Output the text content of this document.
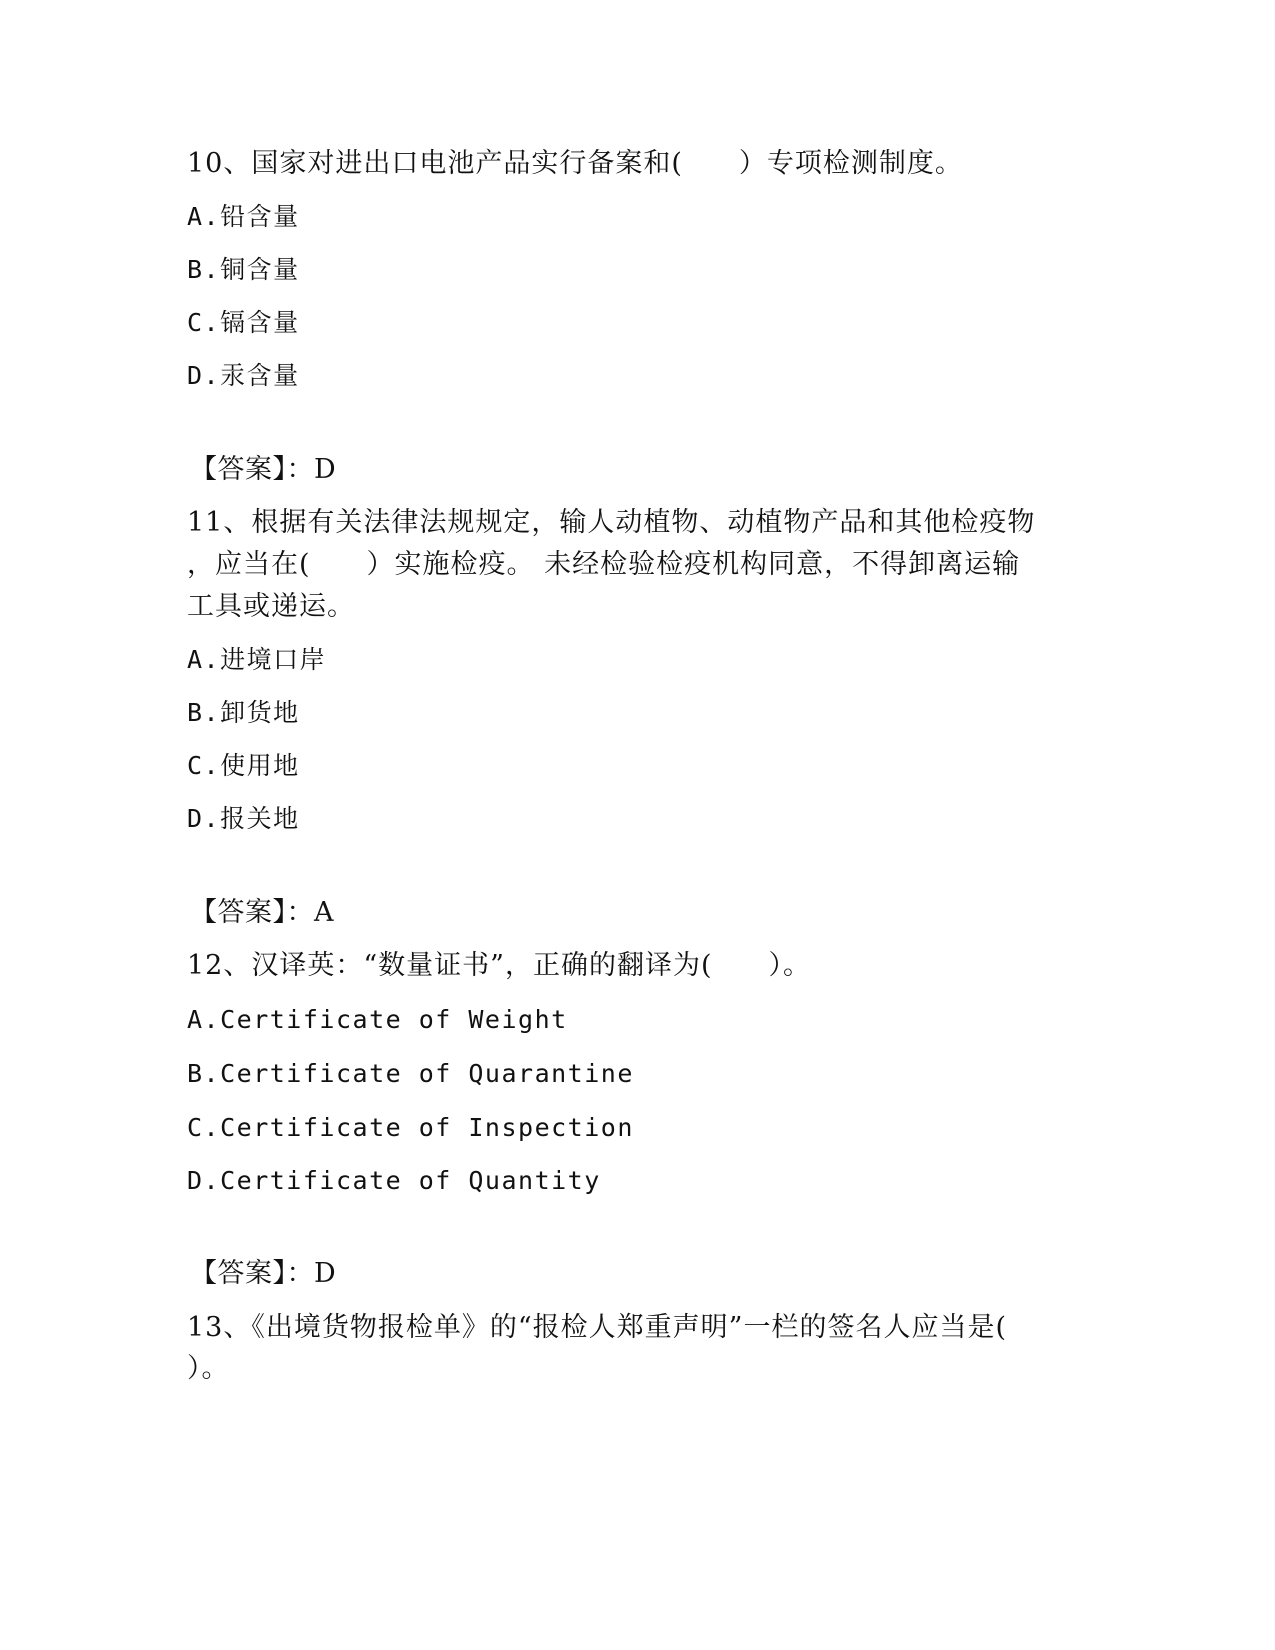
10、国家对进出口电池产品实行备案和(　　）专项检测制度。
A.铅含量
B.铜含量
C.镉含量
D.汞含量
【答案】：D
11、根据有关法律法规规定，输人动植物、动植物产品和其他检疫物
，应当在(　　）实施检疫。 未经检验检疫机构同意，不得卸离运输
工具或递运。
A.进境口岸
B.卸货地
C.使用地
D.报关地
【答案】：A
12、汉译英：“数量证书”，正确的翻译为(　　）。
A.Certificate of Weight
B.Certificate of Quarantine
C.Certificate of Inspection
D.Certificate of Quantity
【答案】：D
13、《出境货物报检单》的“报检人郑重声明”一栏的签名人应当是(
）。
